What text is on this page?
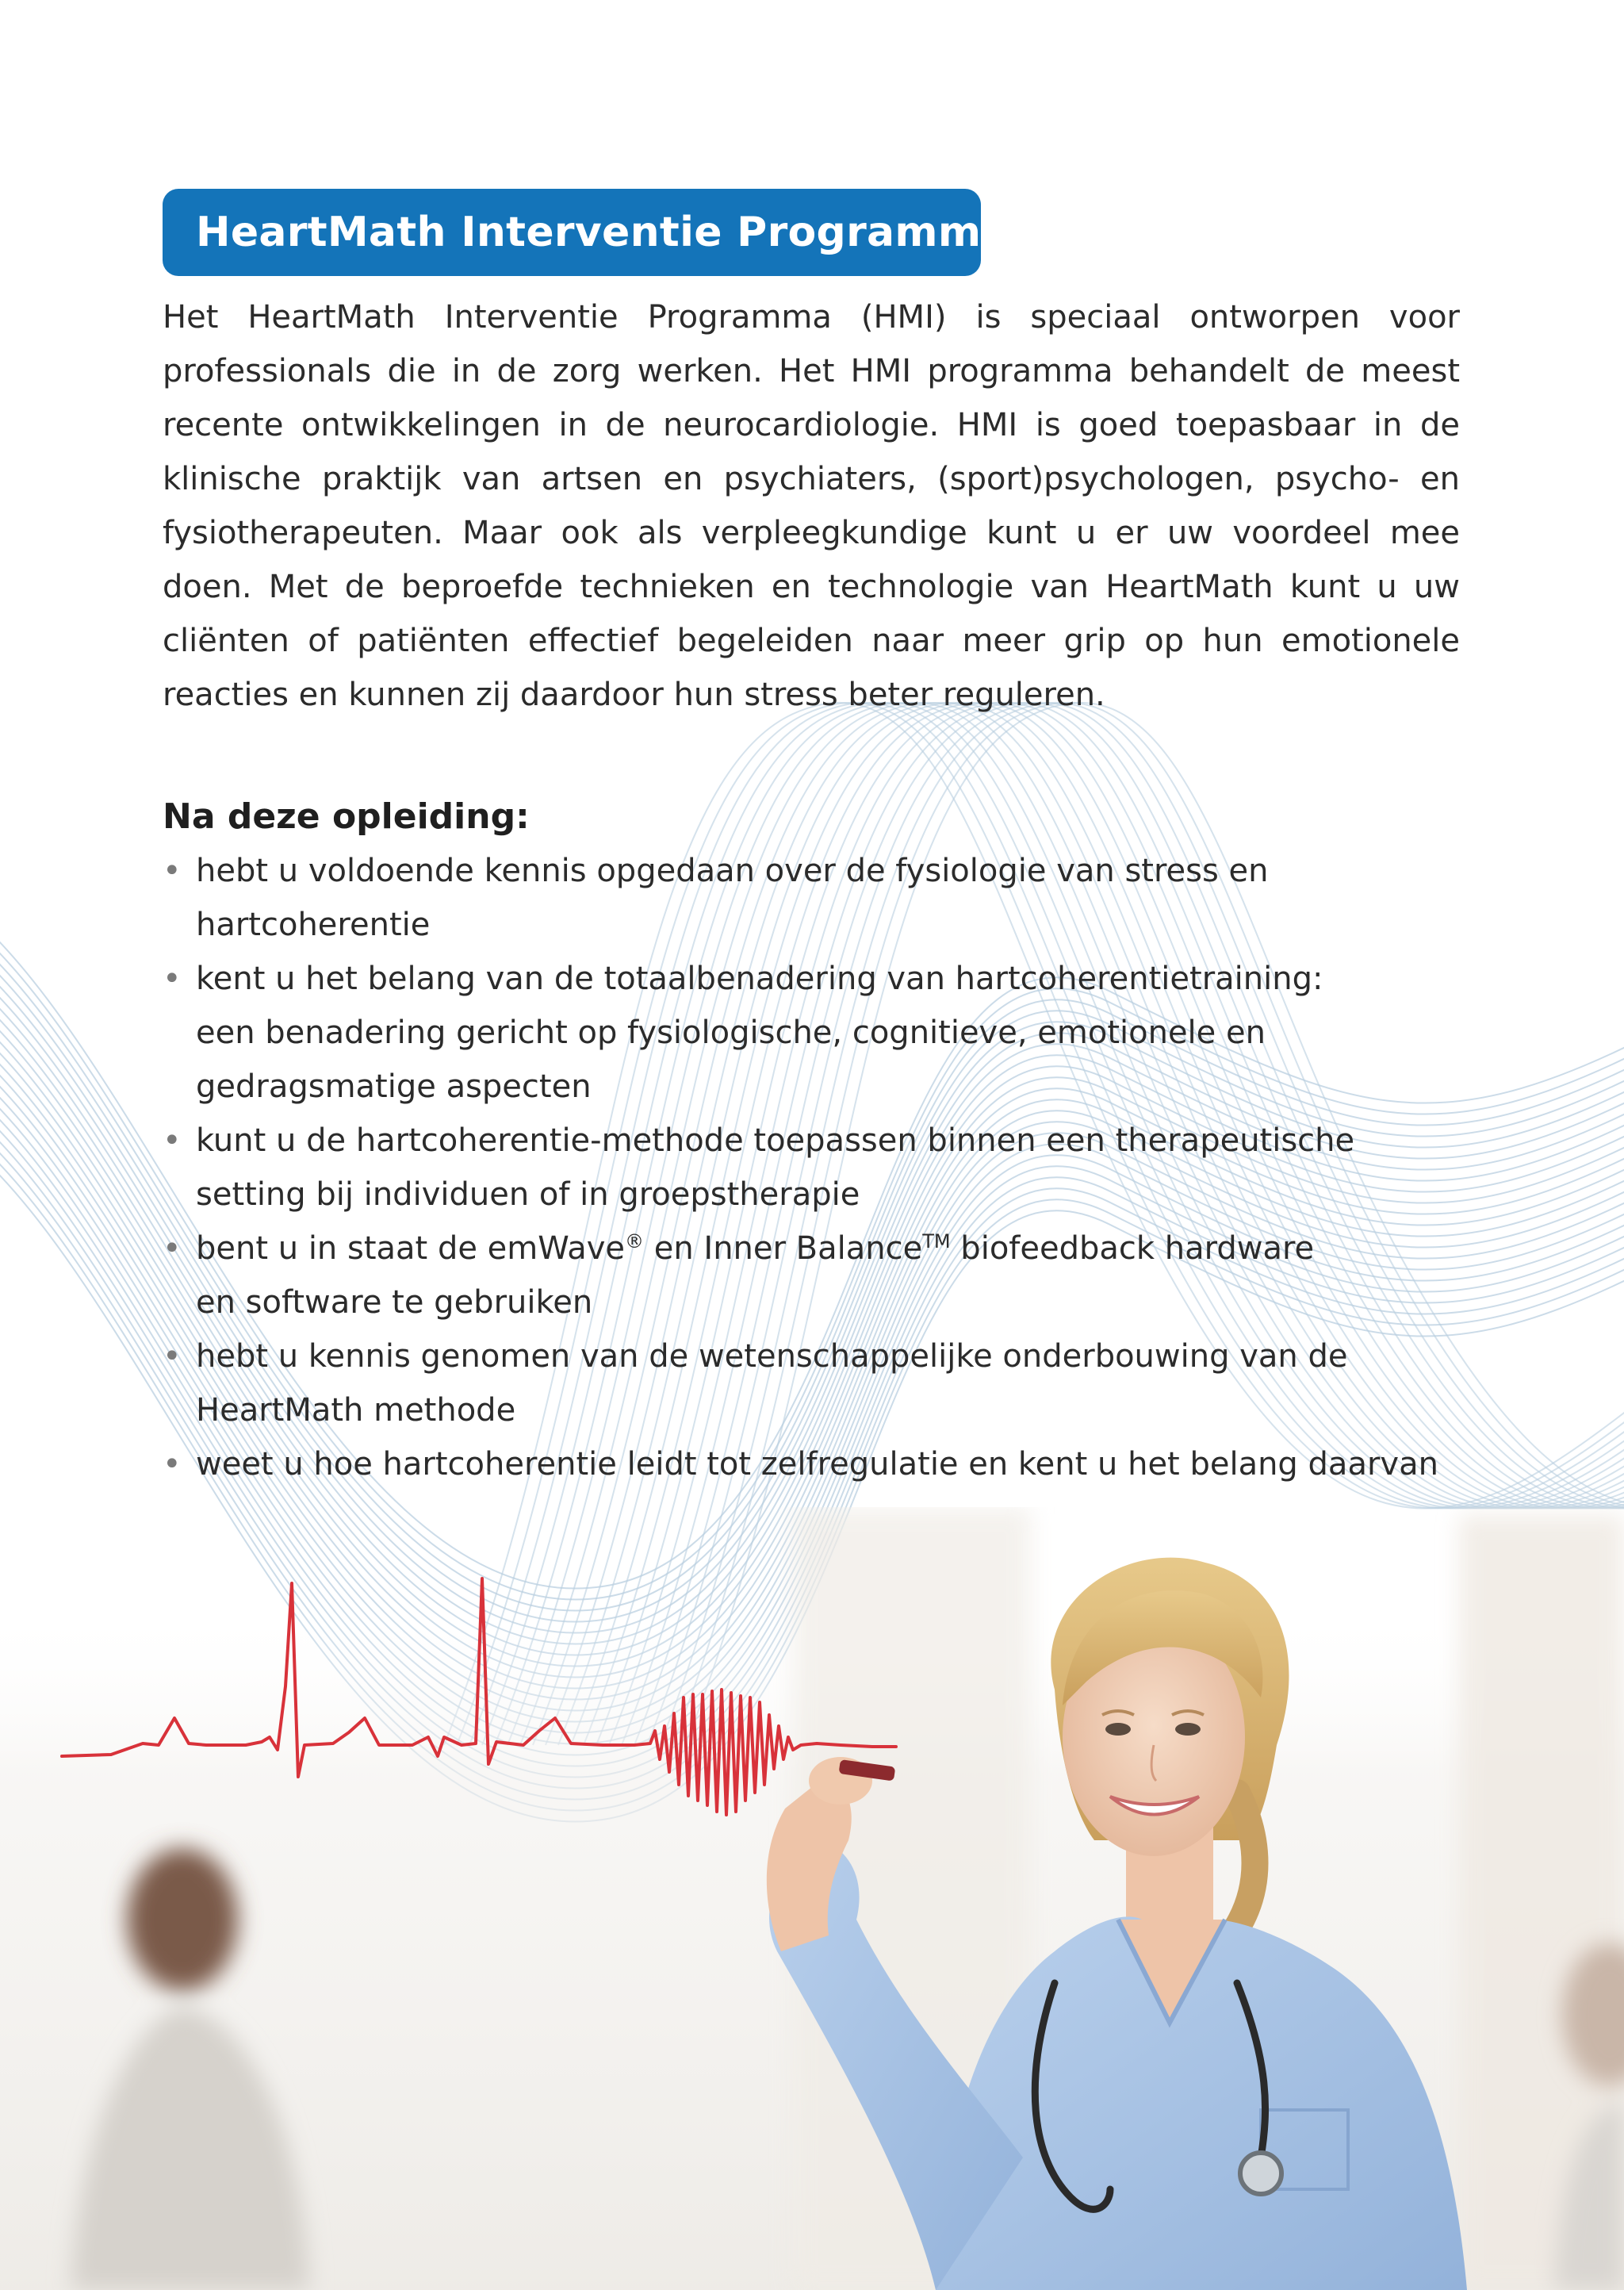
HeartMath Interventie Programma

Het HeartMath Interventie Programma (HMI) is speciaal ontworpen voor professionals die in de zorg werken. Het HMI programma behandelt de meest recente ontwikkelingen in de neurocardiologie. HMI is goed toepasbaar in de klinische praktijk van artsen en psychiaters, (sport)psychologen, psycho- en fysiotherapeuten. Maar ook als verpleegkundige kunt u er uw voordeel mee doen. Met de beproefde technieken en technologie van HeartMath kunt u uw cliënten of patiënten effectief begeleiden naar meer grip op hun emotionele reacties en kunnen zij daardoor hun stress beter reguleren.

Na deze opleiding:
• hebt u voldoende kennis opgedaan over de fysiologie van stress en hartcoherentie
• kent u het belang van de totaalbenadering van hartcoherentietraining:
een benadering gericht op fysiologische, cognitieve, emotionele en
gedragsmatige aspecten
• kunt u de hartcoherentie-methode toepassen binnen een therapeutische
setting bij individuen of in groepstherapie
• bent u in staat de emWave® en Inner Balance™ biofeedback hardware
en software te gebruiken
• hebt u kennis genomen van de wetenschappelijke onderbouwing van de
HeartMath methode
• weet u hoe hartcoherentie leidt tot zelfregulatie en kent u het belang daarvan
